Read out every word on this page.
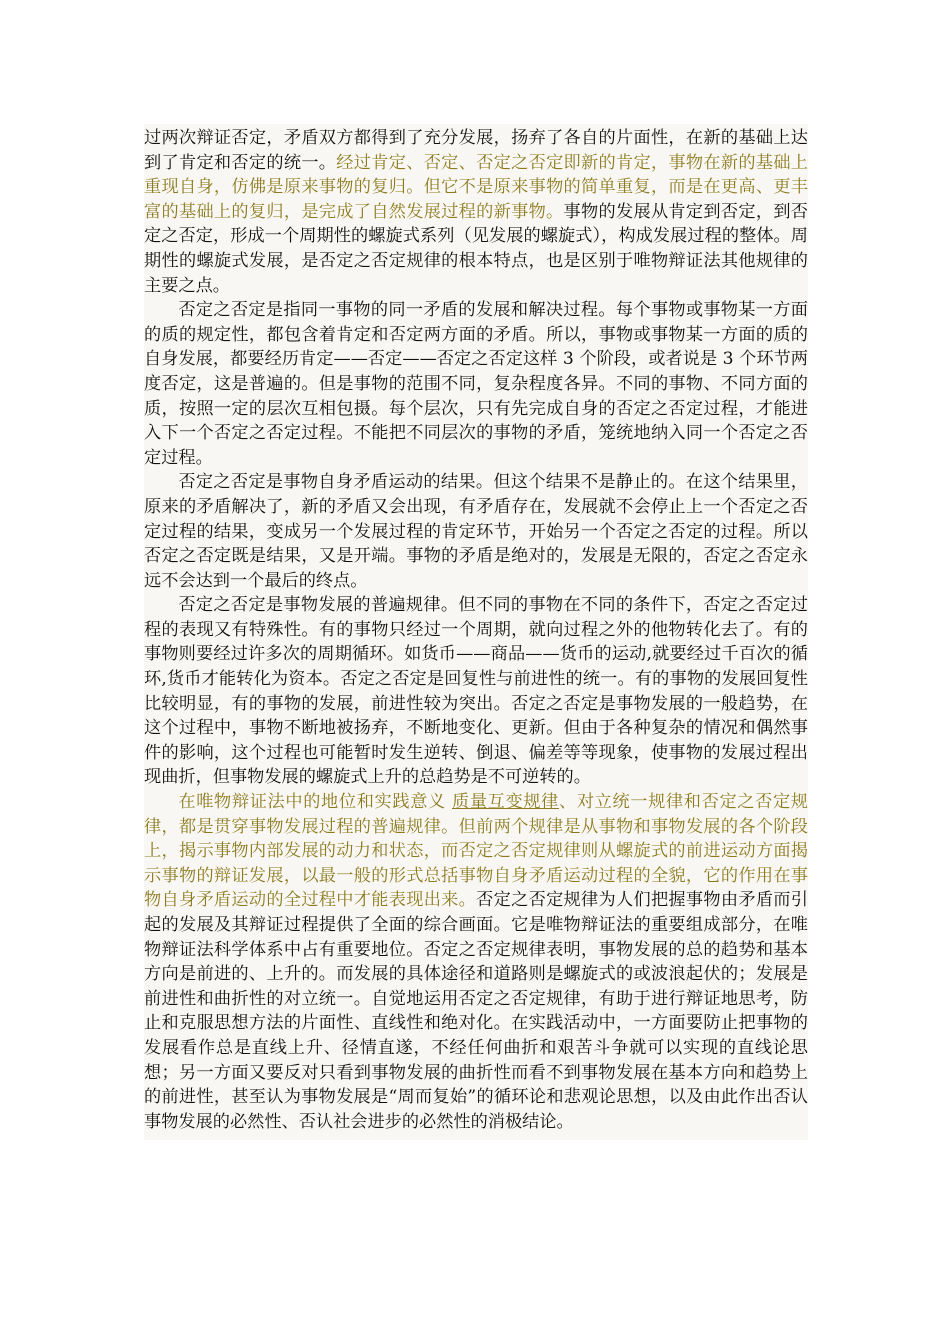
过两次辩证否定，矛盾双方都得到了充分发展，扬弃了各自的片面性，在新的基础上达到了肯定和否定的统一。经过肯定、否定、否定之否定即新的肯定，事物在新的基础上重现自身，仿佛是原来事物的复归。但它不是原来事物的简单重复，而是在更高、更丰富的基础上的复归，是完成了自然发展过程的新事物。事物的发展从肯定到否定，到否定之否定，形成一个周期性的螺旋式系列（见发展的螺旋式），构成发展过程的整体。周期性的螺旋式发展，是否定之否定规律的根本特点，也是区别于唯物辩证法其他规律的主要之点。

否定之否定是指同一事物的同一矛盾的发展和解决过程。每个事物或事物某一方面的质的规定性，都包含着肯定和否定两方面的矛盾。所以，事物或事物某一方面的质的自身发展，都要经历肯定——否定——否定之否定这样 3 个阶段，或者说是 3 个环节两度否定，这是普遍的。但是事物的范围不同，复杂程度各异。不同的事物、不同方面的质，按照一定的层次互相包摄。每个层次，只有先完成自身的否定之否定过程，才能进入下一个否定之否定过程。不能把不同层次的事物的矛盾，笼统地纳入同一个否定之否定过程。

否定之否定是事物自身矛盾运动的结果。但这个结果不是静止的。在这个结果里，原来的矛盾解决了，新的矛盾又会出现，有矛盾存在，发展就不会停止上一个否定之否定过程的结果，变成另一个发展过程的肯定环节，开始另一个否定之否定的过程。所以否定之否定既是结果，又是开端。事物的矛盾是绝对的，发展是无限的，否定之否定永远不会达到一个最后的终点。

否定之否定是事物发展的普遍规律。但不同的事物在不同的条件下，否定之否定过程的表现又有特殊性。有的事物只经过一个周期，就向过程之外的他物转化去了。有的事物则要经过许多次的周期循环。如货币——商品——货币的运动,就要经过千百次的循环,货币才能转化为资本。否定之否定是回复性与前进性的统一。有的事物的发展回复性比较明显，有的事物的发展，前进性较为突出。否定之否定是事物发展的一般趋势，在这个过程中，事物不断地被扬弃，不断地变化、更新。但由于各种复杂的情况和偶然事件的影响，这个过程也可能暂时发生逆转、倒退、偏差等等现象，使事物的发展过程出现曲折，但事物发展的螺旋式上升的总趋势是不可逆转的。

在唯物辩证法中的地位和实践意义 质量互变规律、对立统一规律和否定之否定规律，都是贯穿事物发展过程的普遍规律。但前两个规律是从事物和事物发展的各个阶段上，揭示事物内部发展的动力和状态，而否定之否定规律则从螺旋式的前进运动方面揭示事物的辩证发展，以最一般的形式总括事物自身矛盾运动过程的全貌，它的作用在事物自身矛盾运动的全过程中才能表现出来。否定之否定规律为人们把握事物由矛盾而引起的发展及其辩证过程提供了全面的综合画面。它是唯物辩证法的重要组成部分，在唯物辩证法科学体系中占有重要地位。否定之否定规律表明，事物发展的总的趋势和基本方向是前进的、上升的。而发展的具体途径和道路则是螺旋式的或波浪起伏的；发展是前进性和曲折性的对立统一。自觉地运用否定之否定规律，有助于进行辩证地思考，防止和克服思想方法的片面性、直线性和绝对化。在实践活动中，一方面要防止把事物的发展看作总是直线上升、径情直遂，不经任何曲折和艰苦斗争就可以实现的直线论思想；另一方面又要反对只看到事物发展的曲折性而看不到事物发展在基本方向和趋势上的前进性，甚至认为事物发展是“周而复始”的循环论和悲观论思想，以及由此作出否认事物发展的必然性、否认社会进步的必然性的消极结论。
